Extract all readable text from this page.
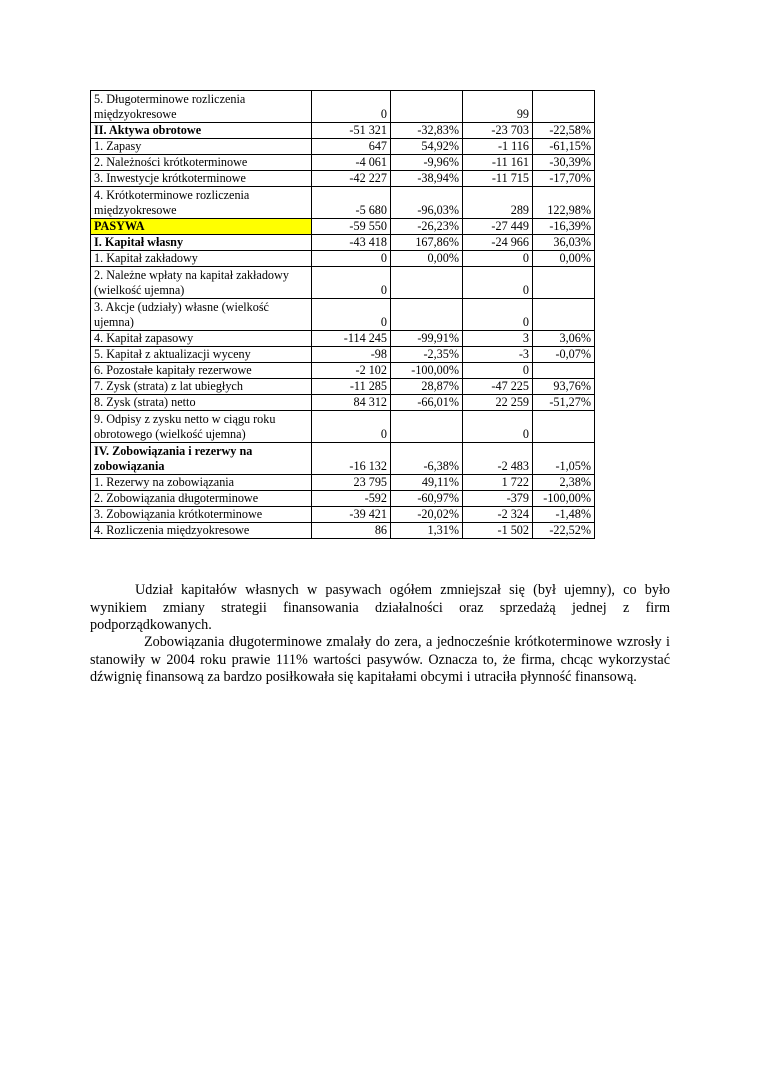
5. Długoterminowe rozliczenia międzyokresowe	0		99	
II. Aktywa obrotowe	-51 321	-32,83%	-23 703	-22,58%
1. Zapasy	647	54,92%	-1 116	-61,15%
2. Należności krótkoterminowe	-4 061	-9,96%	-11 161	-30,39%
3. Inwestycje krótkoterminowe	-42 227	-38,94%	-11 715	-17,70%
4. Krótkoterminowe rozliczenia międzyokresowe	-5 680	-96,03%	289	122,98%
PASYWA	-59 550	-26,23%	-27 449	-16,39%
I. Kapitał własny	-43 418	167,86%	-24 966	36,03%
1. Kapitał zakładowy	0	0,00%	0	0,00%
2. Należne wpłaty na kapitał zakładowy (wielkość ujemna)	0		0	
3. Akcje (udziały) własne (wielkość ujemna)	0		0	
4. Kapitał zapasowy	-114 245	-99,91%	3	3,06%
5. Kapitał z aktualizacji wyceny	-98	-2,35%	-3	-0,07%
6. Pozostałe kapitały rezerwowe	-2 102	-100,00%	0	
7. Zysk (strata) z lat ubiegłych	-11 285	28,87%	-47 225	93,76%
8. Zysk (strata) netto	84 312	-66,01%	22 259	-51,27%
9. Odpisy z zysku netto w ciągu roku obrotowego (wielkość ujemna)	0		0	
IV. Zobowiązania i rezerwy na zobowiązania	-16 132	-6,38%	-2 483	-1,05%
1. Rezerwy na zobowiązania	23 795	49,11%	1 722	2,38%
2. Zobowiązania długoterminowe	-592	-60,97%	-379	-100,00%
3. Zobowiązania krótkoterminowe	-39 421	-20,02%	-2 324	-1,48%
4. Rozliczenia międzyokresowe	86	1,31%	-1 502	-22,52%

Udział kapitałów własnych w pasywach ogółem zmniejszał się (był ujemny), co było wynikiem zmiany strategii finansowania działalności oraz sprzedażą jednej z firm podporządkowanych.

Zobowiązania długoterminowe zmalały do zera, a jednocześnie krótkoterminowe wzrosły i stanowiły w 2004 roku prawie 111% wartości pasywów. Oznacza to, że firma, chcąc wykorzystać dźwignię finansową za bardzo posiłkowała się kapitałami obcymi i utraciła płynność finansową.
